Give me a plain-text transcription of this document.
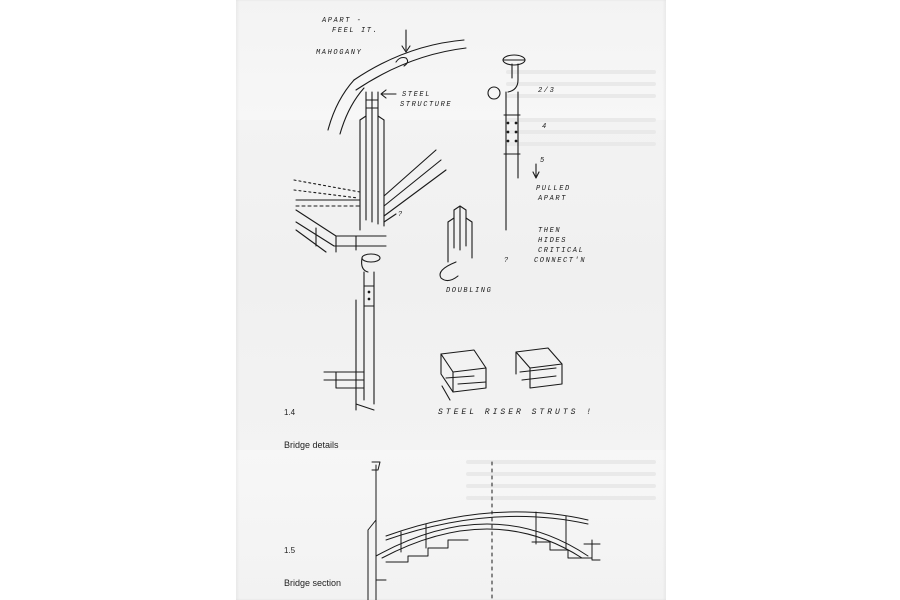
APART -
FEEL IT.
MAHOGANY
STEEL
STRUCTURE
?
2/3
4
5
PULLED
APART
THEN
HIDES
CRITICAL
CONNECT'N
?
DOUBLING
STEEL RISER STRUTS !
1.4
Bridge details
1.5
Bridge section
